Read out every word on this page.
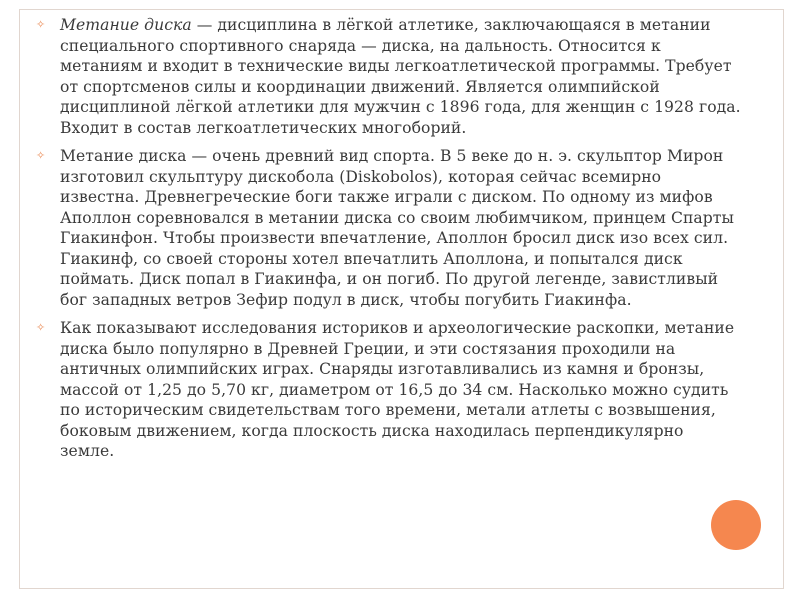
✧ Метание диска — дисциплина в лёгкой атлетике, заключающаяся в метании специального спортивного снаряда — диска, на дальность. Относится к метаниям и входит в технические виды легкоатлетической программы. Требует от спортсменов силы и координации движений. Является олимпийской дисциплиной лёгкой атлетики для мужчин с 1896 года, для женщин с 1928 года. Входит в состав легкоатлетических многоборий.
✧ Метание диска — очень древний вид спорта. В 5 веке до н. э. скульптор Мирон изготовил скульптуру дискобола (Diskobolos), которая сейчас всемирно известна. Древнегреческие боги также играли с диском. По одному из мифов Аполлон соревновался в метании диска со своим любимчиком, принцем Спарты Гиакинфон. Чтобы произвести впечатление, Аполлон бросил диск изо всех сил. Гиакинф, со своей стороны хотел впечатлить Аполлона, и попытался диск поймать. Диск попал в Гиакинфа, и он погиб. По другой легенде, завистливый бог западных ветров Зефир подул в диск, чтобы погубить Гиакинфа.
✧ Как показывают исследования историков и археологические раскопки, метание диска было популярно в Древней Греции, и эти состязания проходили на античных олимпийских играх. Снаряды изготавливались из камня и бронзы, массой от 1,25 до 5,70 кг, диаметром от 16,5 до 34 см. Насколько можно судить по историческим свидетельствам того времени, метали атлеты с возвышения, боковым движением, когда плоскость диска находилась перпендикулярно земле.
